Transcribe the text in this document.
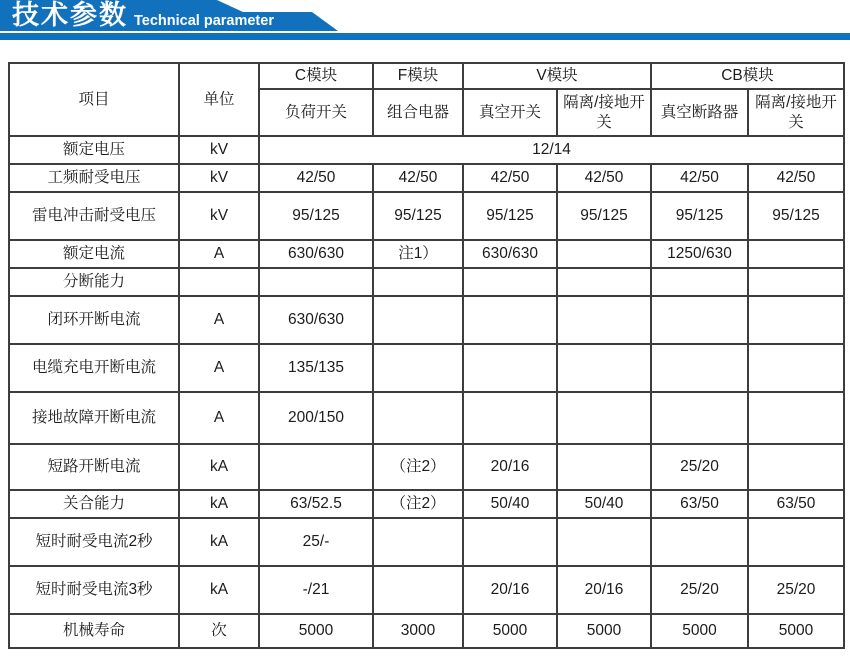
技术参数 Technical parameter
项目	单位	C模块	F模块	V模块		CB模块	
		负荷开关	组合电器	真空开关	隔离/接地开关	真空断路器	隔离/接地开关
额定电压	kV	12/14					
工频耐受电压	kV	42/50	42/50	42/50	42/50	42/50	42/50
雷电冲击耐受电压	kV	95/125	95/125	95/125	95/125	95/125	95/125
额定电流	A	630/630	注1）	630/630		1250/630	
分断能力							
闭环开断电流	A	630/630					
电缆充电开断电流	A	135/135					
接地故障开断电流	A	200/150					
短路开断电流	kA		（注2）	20/16		25/20	
关合能力	kA	63/52.5	（注2）	50/40	50/40	63/50	63/50
短时耐受电流2秒	kA	25/-					
短时耐受电流3秒	kA	-/21		20/16	20/16	25/20	25/20
机械寿命	次	5000	3000	5000	5000	5000	5000
